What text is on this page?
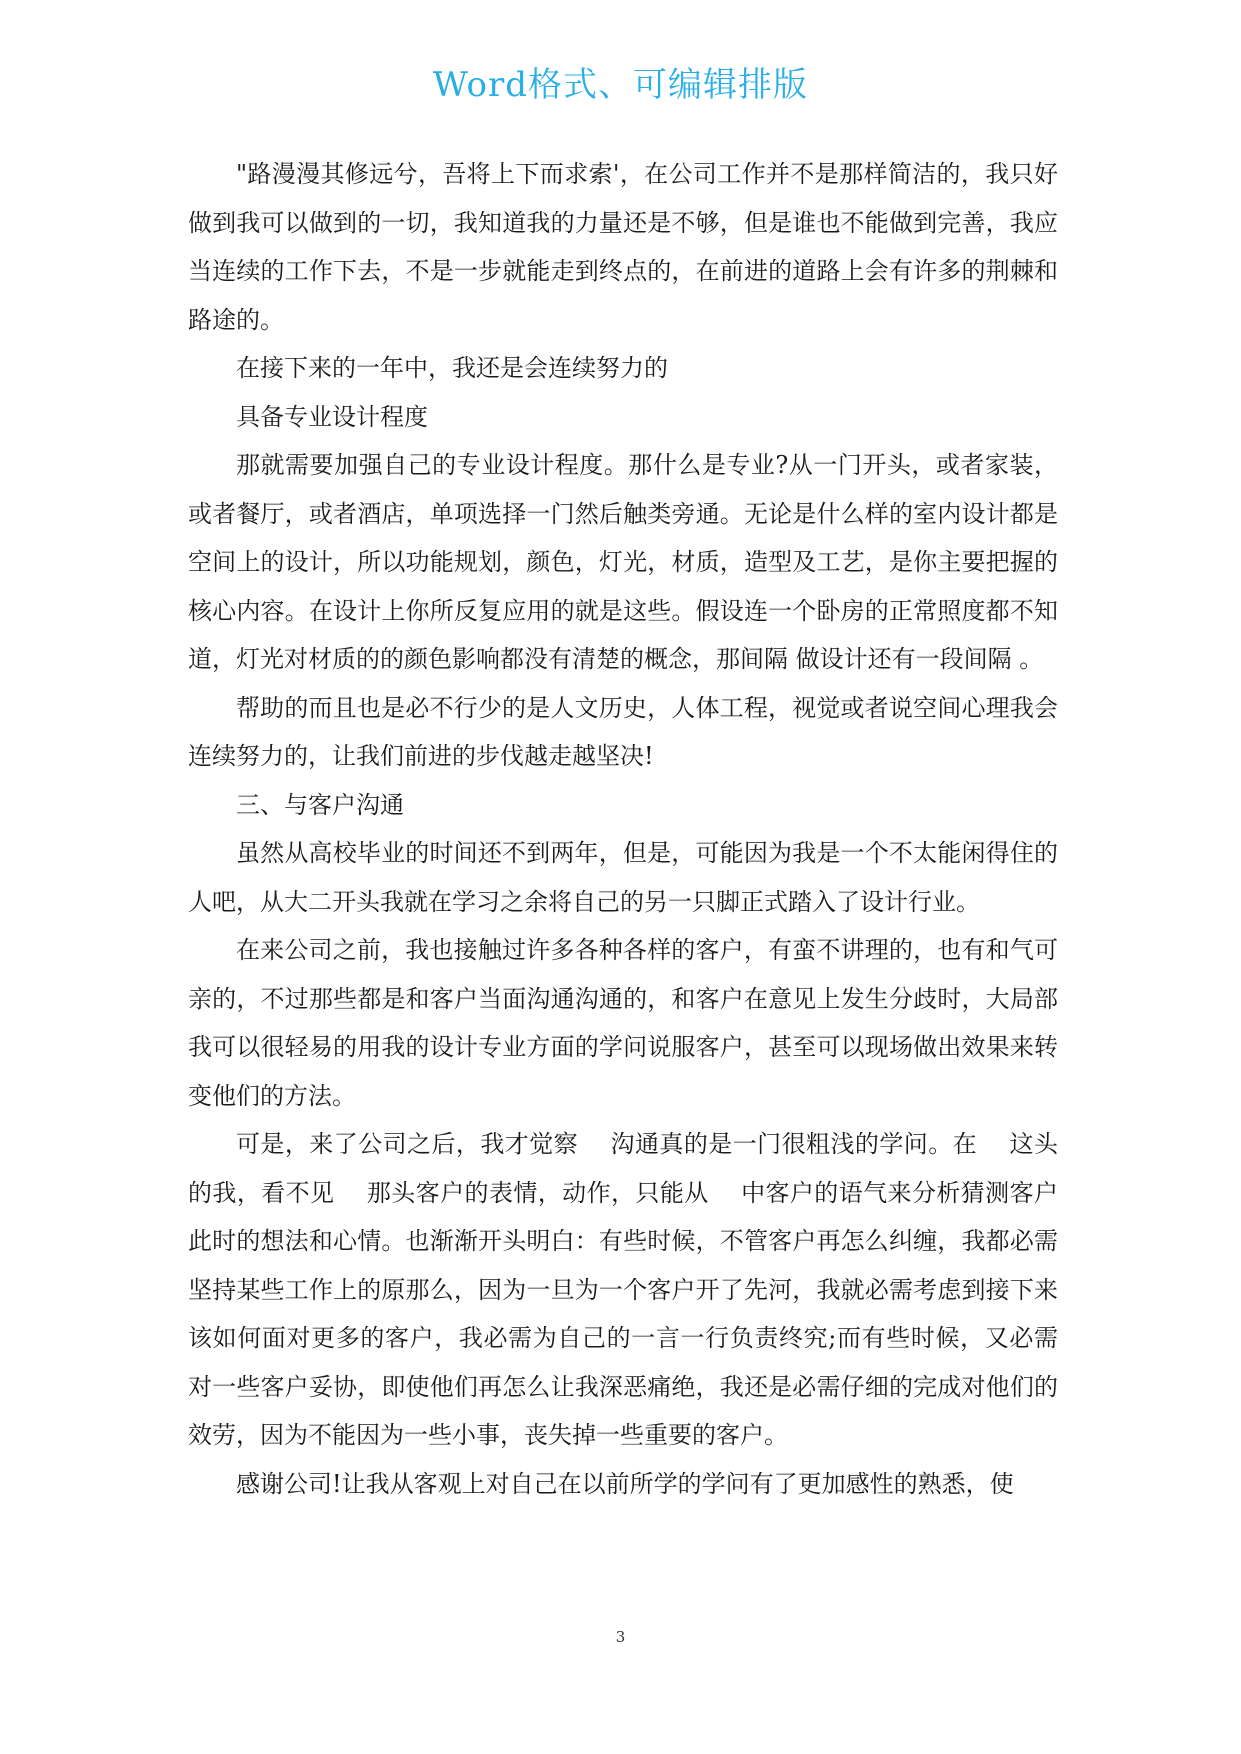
Word格式、可编辑排版

"路漫漫其修远兮，吾将上下而求索'，在公司工作并不是那样简洁的，我只好做到我可以做到的一切，我知道我的力量还是不够，但是谁也不能做到完善，我应当连续的工作下去，不是一步就能走到终点的，在前进的道路上会有许多的荆棘和路途的。

在接下来的一年中，我还是会连续努力的

具备专业设计程度

那就需要加强自己的专业设计程度。那什么是专业?从一门开头，或者家装，或者餐厅，或者酒店，单项选择一门然后触类旁通。无论是什么样的室内设计都是空间上的设计，所以功能规划，颜色，灯光，材质，造型及工艺，是你主要把握的核心内容。在设计上你所反复应用的就是这些。假设连一个卧房的正常照度都不知道，灯光对材质的的颜色影响都没有清楚的概念，那间隔 做设计还有一段间隔 。

帮助的而且也是必不行少的是人文历史，人体工程，视觉或者说空间心理我会连续努力的，让我们前进的步伐越走越坚决!

三、与客户沟通

虽然从高校毕业的时间还不到两年，但是，可能因为我是一个不太能闲得住的人吧，从大二开头我就在学习之余将自己的另一只脚正式踏入了设计行业。

在来公司之前，我也接触过许多各种各样的客户，有蛮不讲理的，也有和气可亲的，不过那些都是和客户当面沟通沟通的，和客户在意见上发生分歧时，大局部我可以很轻易的用我的设计专业方面的学问说服客户，甚至可以现场做出效果来转变他们的方法。

可是，来了公司之后，我才觉察　 沟通真的是一门很粗浅的学问。在　 这头的我，看不见　 那头客户的表情，动作，只能从　 中客户的语气来分析猜测客户此时的想法和心情。也渐渐开头明白：有些时候，不管客户再怎么纠缠，我都必需坚持某些工作上的原那么，因为一旦为一个客户开了先河，我就必需考虑到接下来该如何面对更多的客户，我必需为自己的一言一行负责终究;而有些时候，又必需对一些客户妥协，即使他们再怎么让我深恶痛绝，我还是必需仔细的完成对他们的效劳，因为不能因为一些小事，丧失掉一些重要的客户。

感谢公司!让我从客观上对自己在以前所学的学问有了更加感性的熟悉，使

3
